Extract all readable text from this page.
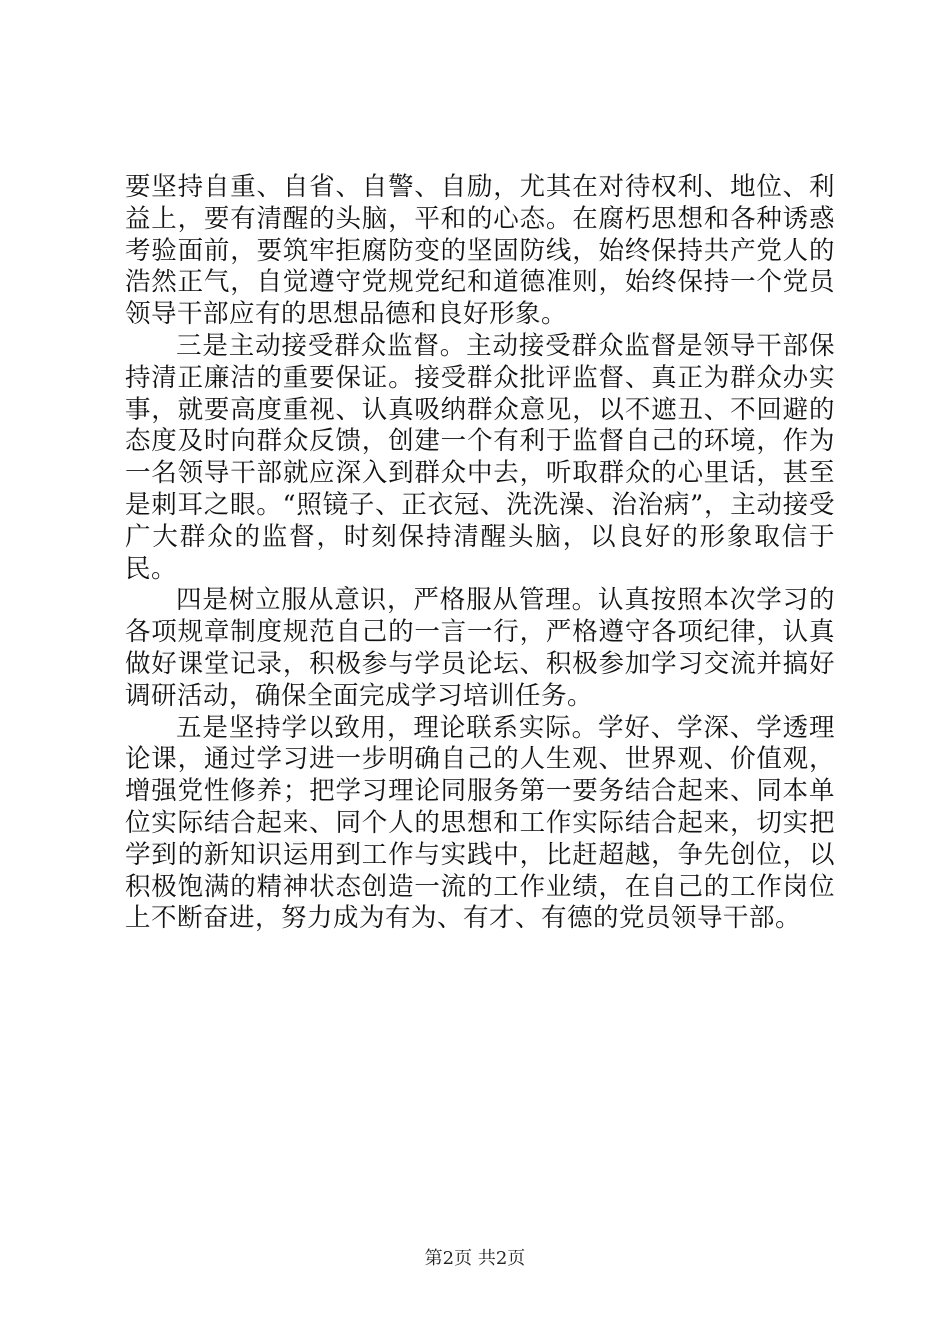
要坚持自重、自省、自警、自励，尤其在对待权利、地位、利益上，要有清醒的头脑，平和的心态。在腐朽思想和各种诱惑考验面前，要筑牢拒腐防变的坚固防线，始终保持共产党人的浩然正气，自觉遵守党规党纪和道德准则，始终保持一个党员领导干部应有的思想品德和良好形象。

三是主动接受群众监督。主动接受群众监督是领导干部保持清正廉洁的重要保证。接受群众批评监督、真正为群众办实事，就要高度重视、认真吸纳群众意见，以不遮丑、不回避的态度及时向群众反馈，创建一个有利于监督自己的环境，作为一名领导干部就应深入到群众中去，听取群众的心里话，甚至是刺耳之眼。“照镜子、正衣冠、洗洗澡、治治病”，主动接受广大群众的监督，时刻保持清醒头脑，以良好的形象取信于民。

四是树立服从意识，严格服从管理。认真按照本次学习的各项规章制度规范自己的一言一行，严格遵守各项纪律，认真做好课堂记录，积极参与学员论坛、积极参加学习交流并搞好调研活动，确保全面完成学习培训任务。

五是坚持学以致用，理论联系实际。学好、学深、学透理论课，通过学习进一步明确自己的人生观、世界观、价值观，增强党性修养；把学习理论同服务第一要务结合起来、同本单位实际结合起来、同个人的思想和工作实际结合起来，切实把学到的新知识运用到工作与实践中，比赶超越，争先创位，以积极饱满的精神状态创造一流的工作业绩，在自己的工作岗位上不断奋进，努力成为有为、有才、有德的党员领导干部。

第2页 共2页
